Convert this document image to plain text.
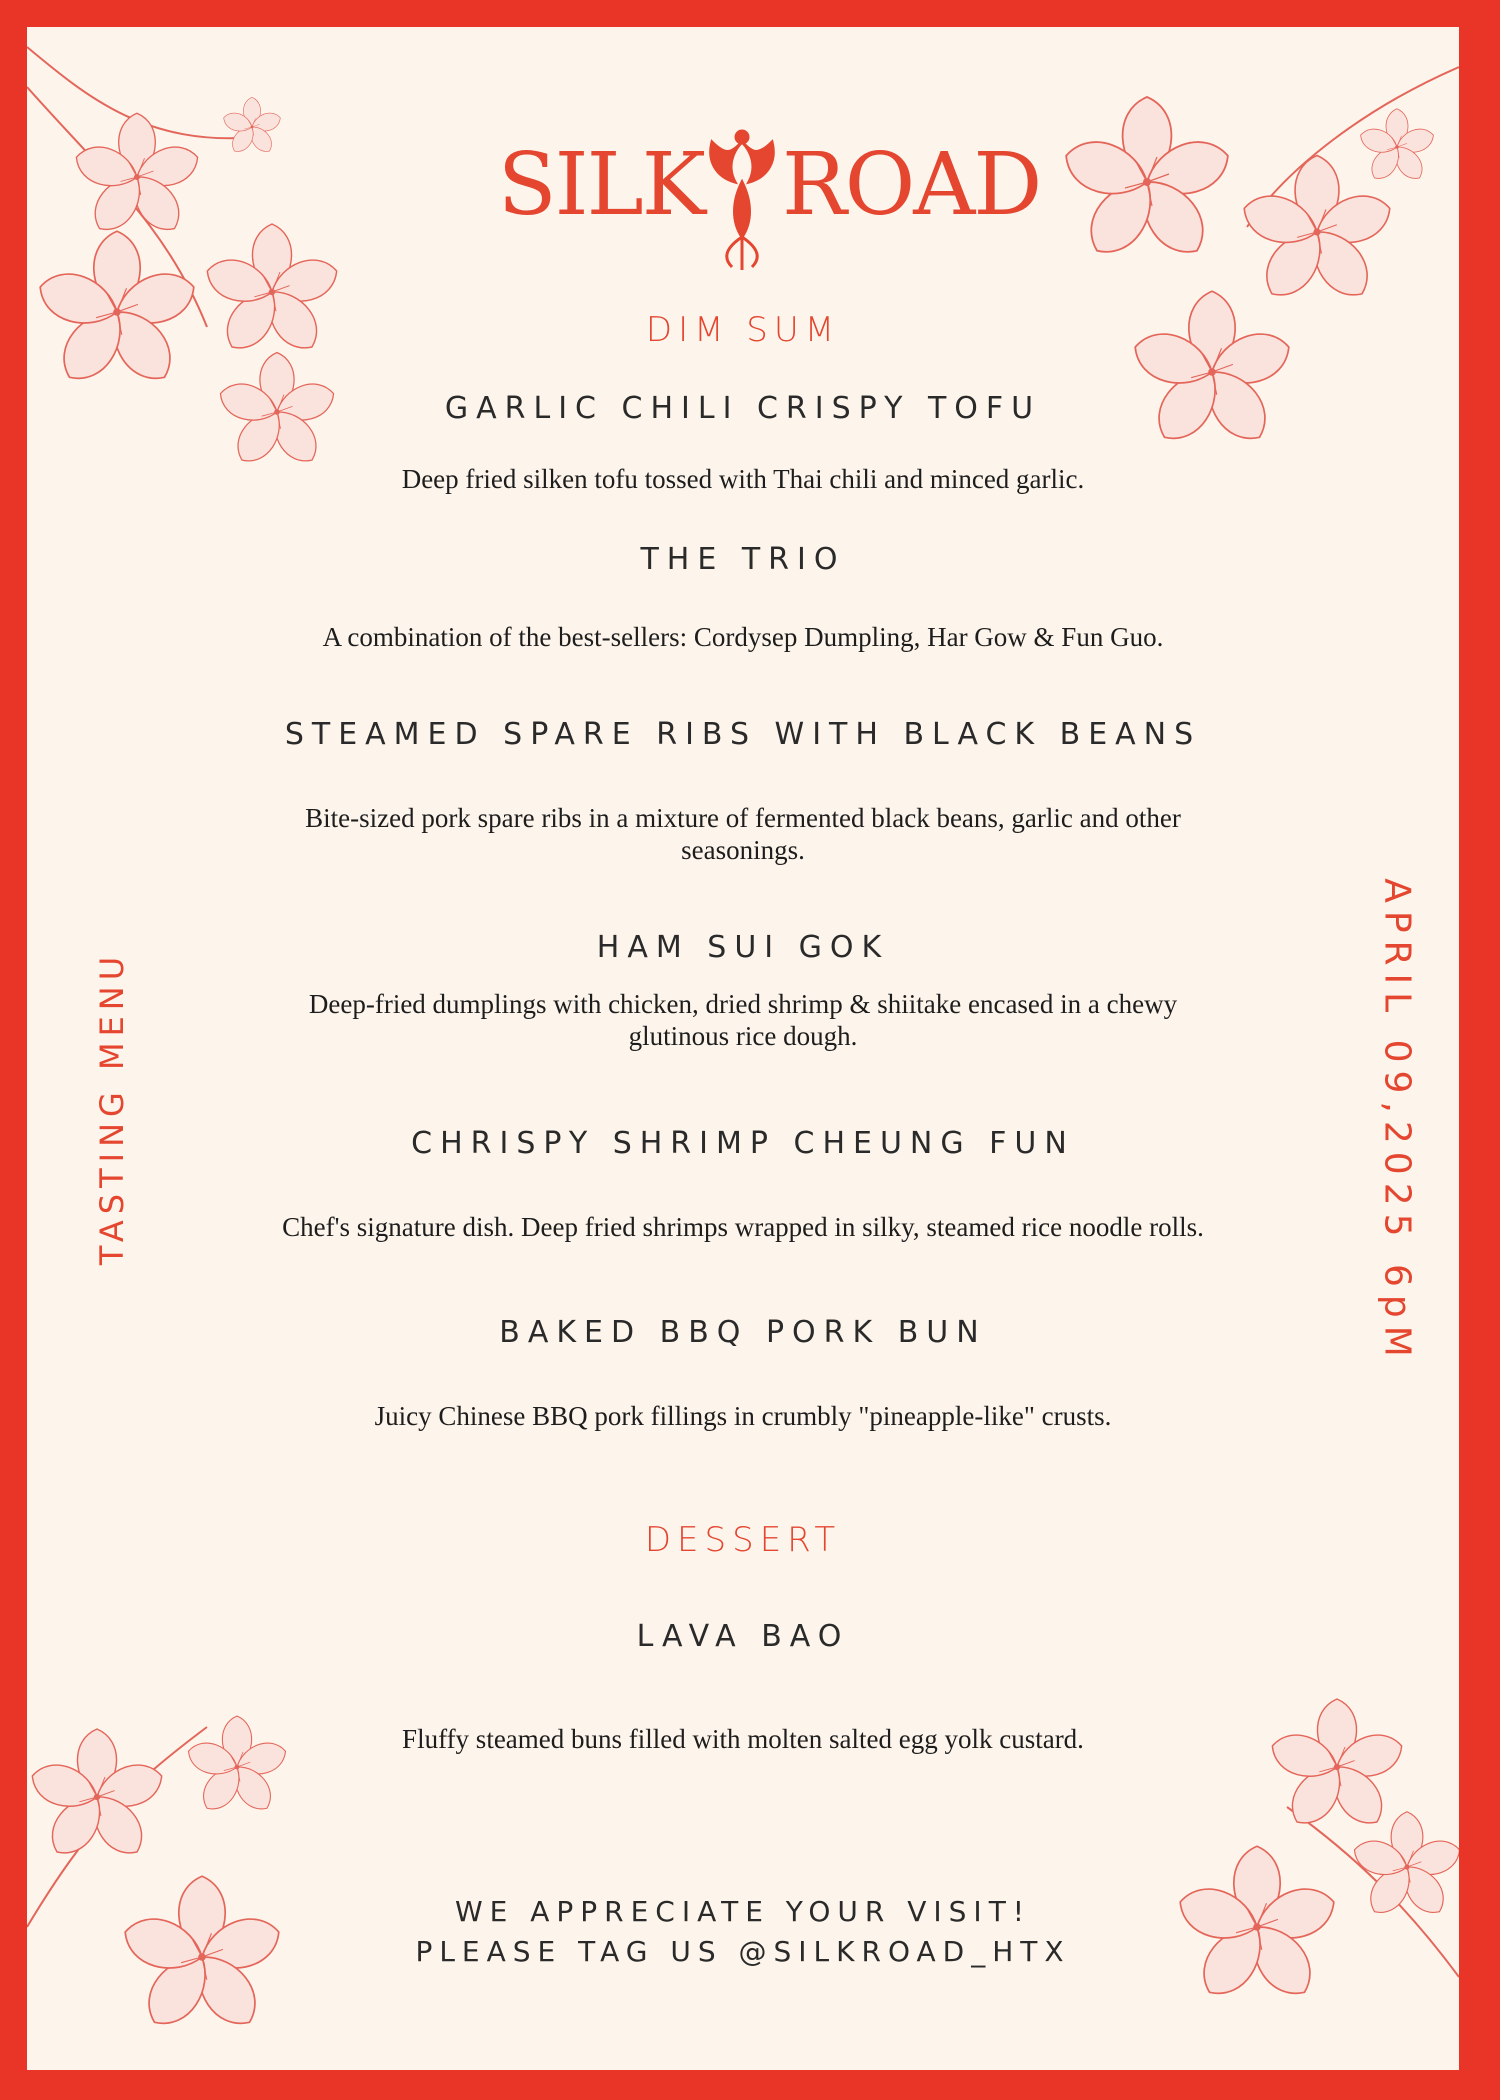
SILK ROAD
TASTING MENU	APRIL 09,2025 6pM
DIM SUM
GARLIC CHILI CRISPY TOFU
Deep fried silken tofu tossed with Thai chili and minced garlic.
THE TRIO
A combination of the best-sellers: Cordysep Dumpling, Har Gow & Fun Guo.
STEAMED SPARE RIBS WITH BLACK BEANS
Bite-sized pork spare ribs in a mixture of fermented black beans, garlic and other seasonings.
HAM SUI GOK
Deep-fried dumplings with chicken, dried shrimp & shiitake encased in a chewy glutinous rice dough.
CHRISPY SHRIMP CHEUNG FUN
Chef's signature dish. Deep fried shrimps wrapped in silky, steamed rice noodle rolls.
BAKED BBQ PORK BUN
Juicy Chinese BBQ pork fillings in crumbly "pineapple-like" crusts.
DESSERT
LAVA BAO
Fluffy steamed buns filled with molten salted egg yolk custard.
WE APPRECIATE YOUR VISIT!
PLEASE TAG US @SILKROAD_HTX
